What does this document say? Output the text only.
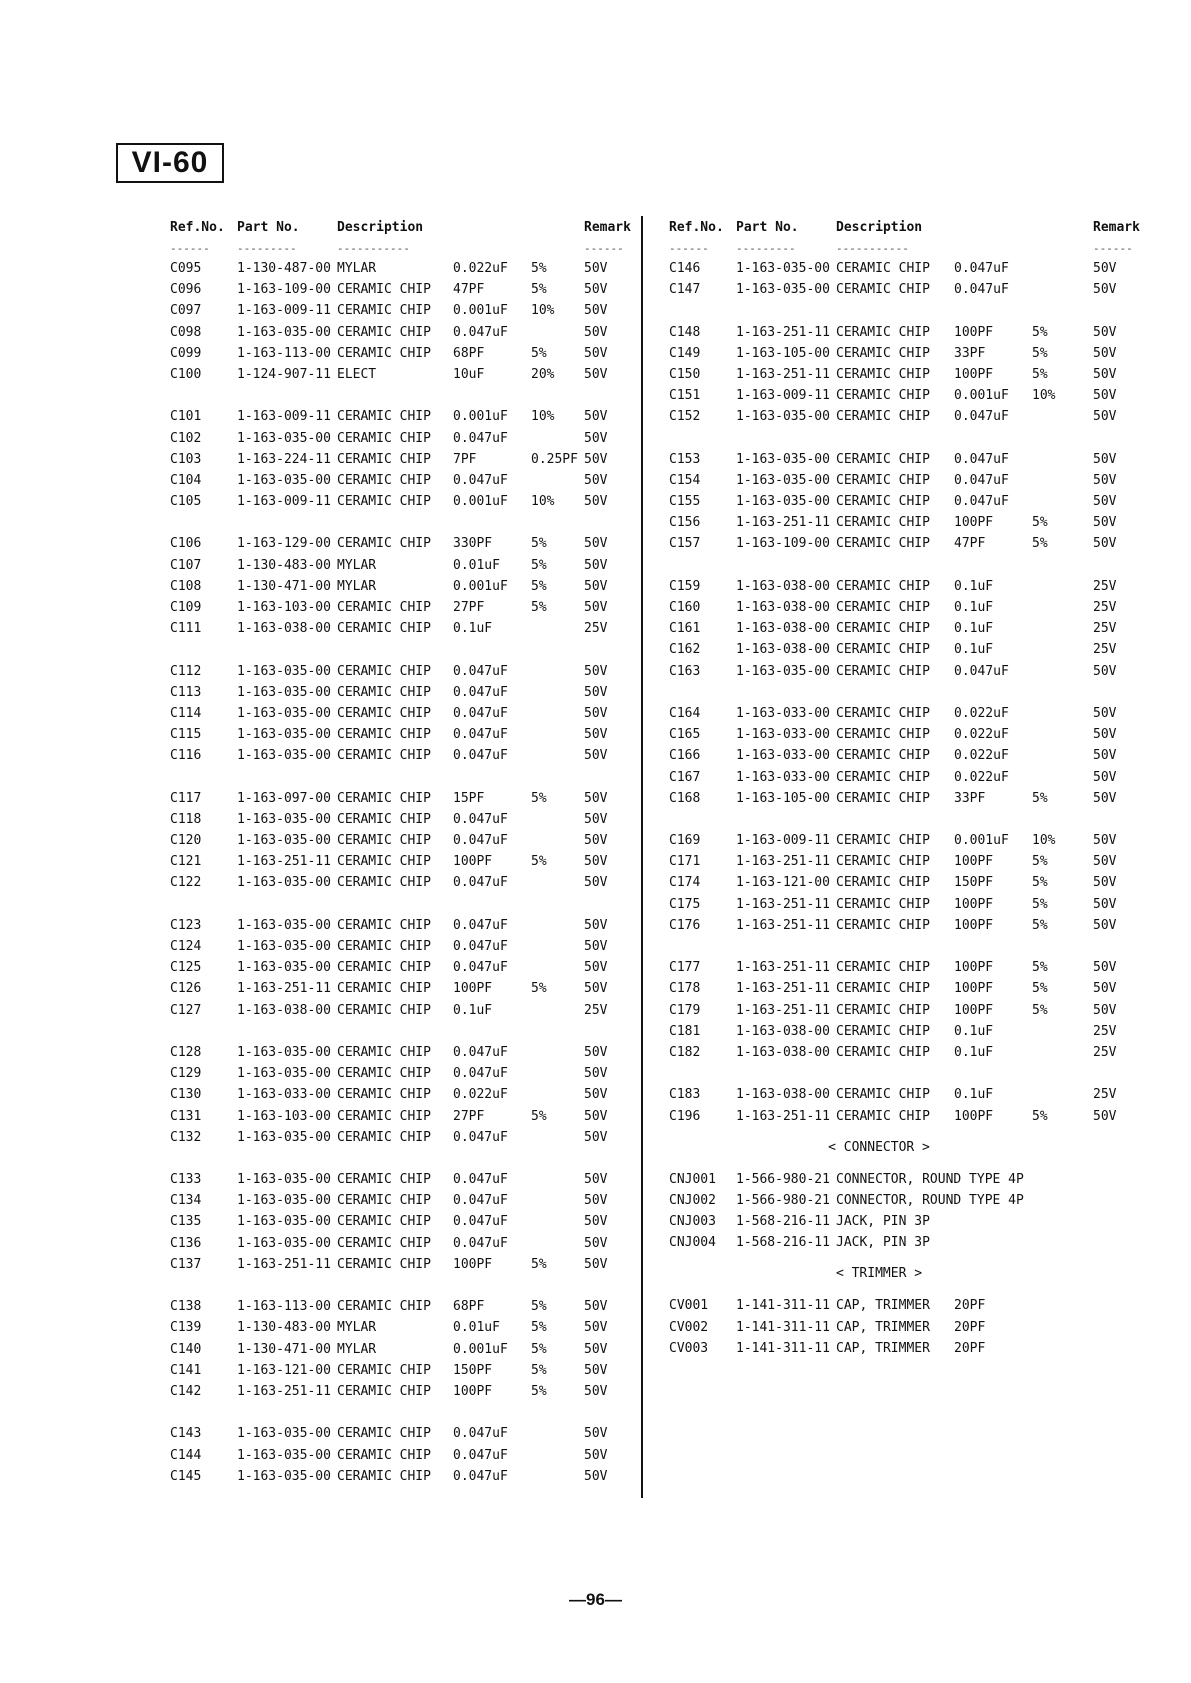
VI-60
Ref.No. Part No.	Description	Remark
------ ---------	-----------	------
C095	1-130-487-00 MYLAR	0.022uF 5%	50V
C096	1-163-109-00 CERAMIC CHIP 47PF	5%	50V
C097	1-163-009-11 CERAMIC CHIP 0.001uF 10% 50V
C098	1-163-035-00 CERAMIC CHIP 0.047uF	50V
C099	1-163-113-00 CERAMIC CHIP 68PF	5%	50V
C100	1-124-907-11 ELECT	10uF	20% 50V
C101	1-163-009-11 CERAMIC CHIP 0.001uF 10% 50V
C102	1-163-035-00 CERAMIC CHIP 0.047uF	50V
C103	1-163-224-11 CERAMIC CHIP 7PF	0.25PF 50V
C104	1-163-035-00 CERAMIC CHIP 0.047uF	50V
C105	1-163-009-11 CERAMIC CHIP 0.001uF 10% 50V
C106	1-163-129-00 CERAMIC CHIP 330PF	5%	50V
C107	1-130-483-00 MYLAR	0.01uF 5%	50V
C108	1-130-471-00 MYLAR	0.001uF 5%	50V
C109	1-163-103-00 CERAMIC CHIP 27PF	5%	50V
C111	1-163-038-00 CERAMIC CHIP 0.1uF	25V
C112	1-163-035-00 CERAMIC CHIP 0.047uF	50V
C113	1-163-035-00 CERAMIC CHIP 0.047uF	50V
C114	1-163-035-00 CERAMIC CHIP 0.047uF	50V
C115	1-163-035-00 CERAMIC CHIP 0.047uF	50V
C116	1-163-035-00 CERAMIC CHIP 0.047uF	50V
C117	1-163-097-00 CERAMIC CHIP 15PF	5%	50V
C118	1-163-035-00 CERAMIC CHIP 0.047uF	50V
C120	1-163-035-00 CERAMIC CHIP 0.047uF	50V
C121	1-163-251-11 CERAMIC CHIP 100PF	5%	50V
C122	1-163-035-00 CERAMIC CHIP 0.047uF	50V
C123	1-163-035-00 CERAMIC CHIP 0.047uF	50V
C124	1-163-035-00 CERAMIC CHIP 0.047uF	50V
C125	1-163-035-00 CERAMIC CHIP 0.047uF	50V
C126	1-163-251-11 CERAMIC CHIP 100PF	5%	50V
C127	1-163-038-00 CERAMIC CHIP 0.1uF	25V
C128	1-163-035-00 CERAMIC CHIP 0.047uF	50V
C129	1-163-035-00 CERAMIC CHIP 0.047uF	50V
C130	1-163-033-00 CERAMIC CHIP 0.022uF	50V
C131	1-163-103-00 CERAMIC CHIP 27PF	5%	50V
C132	1-163-035-00 CERAMIC CHIP 0.047uF	50V
C133	1-163-035-00 CERAMIC CHIP 0.047uF	50V
C134	1-163-035-00 CERAMIC CHIP 0.047uF	50V
C135	1-163-035-00 CERAMIC CHIP 0.047uF	50V
C136	1-163-035-00 CERAMIC CHIP 0.047uF	50V
C137	1-163-251-11 CERAMIC CHIP 100PF	5%	50V
C138	1-163-113-00 CERAMIC CHIP 68PF	5%	50V
C139	1-130-483-00 MYLAR	0.01uF 5%	50V
C140	1-130-471-00 MYLAR	0.001uF 5%	50V
C141	1-163-121-00 CERAMIC CHIP 150PF	5%	50V
C142	1-163-251-11 CERAMIC CHIP 100PF	5%	50V
C143	1-163-035-00 CERAMIC CHIP 0.047uF	50V
C144	1-163-035-00 CERAMIC CHIP 0.047uF	50V
C145	1-163-035-00 CERAMIC CHIP 0.047uF	50V
Ref.No. Part No.	Description	Remark
------ ---------	-----------	------
C146	1-163-035-00 CERAMIC CHIP 0.047uF	50V
C147	1-163-035-00 CERAMIC CHIP 0.047uF	50V
C148	1-163-251-11 CERAMIC CHIP 100PF	5%	50V
C149	1-163-105-00 CERAMIC CHIP 33PF	5%	50V
C150	1-163-251-11 CERAMIC CHIP 100PF	5%	50V
C151	1-163-009-11 CERAMIC CHIP 0.001uF 10%	50V
C152	1-163-035-00 CERAMIC CHIP 0.047uF	50V
C153	1-163-035-00 CERAMIC CHIP 0.047uF	50V
C154	1-163-035-00 CERAMIC CHIP 0.047uF	50V
C155	1-163-035-00 CERAMIC CHIP 0.047uF	50V
C156	1-163-251-11 CERAMIC CHIP 100PF	5%	50V
C157	1-163-109-00 CERAMIC CHIP 47PF	5%	50V
C159	1-163-038-00 CERAMIC CHIP 0.1uF	25V
C160	1-163-038-00 CERAMIC CHIP 0.1uF	25V
C161	1-163-038-00 CERAMIC CHIP 0.1uF	25V
C162	1-163-038-00 CERAMIC CHIP 0.1uF	25V
C163	1-163-035-00 CERAMIC CHIP 0.047uF	50V
C164	1-163-033-00 CERAMIC CHIP 0.022uF	50V
C165	1-163-033-00 CERAMIC CHIP 0.022uF	50V
C166	1-163-033-00 CERAMIC CHIP 0.022uF	50V
C167	1-163-033-00 CERAMIC CHIP 0.022uF	50V
C168	1-163-105-00 CERAMIC CHIP 33PF	5%	50V
C169	1-163-009-11 CERAMIC CHIP 0.001uF 10%	50V
C171	1-163-251-11 CERAMIC CHIP 100PF	5%	50V
C174	1-163-121-00 CERAMIC CHIP 150PF	5%	50V
C175	1-163-251-11 CERAMIC CHIP 100PF	5%	50V
C176	1-163-251-11 CERAMIC CHIP 100PF	5%	50V
C177	1-163-251-11 CERAMIC CHIP 100PF	5%	50V
C178	1-163-251-11 CERAMIC CHIP 100PF	5%	50V
C179	1-163-251-11 CERAMIC CHIP 100PF	5%	50V
C181	1-163-038-00 CERAMIC CHIP 0.1uF	25V
C182	1-163-038-00 CERAMIC CHIP 0.1uF	25V
C183	1-163-038-00 CERAMIC CHIP 0.1uF	25V
C196	1-163-251-11 CERAMIC CHIP 100PF	5%	50V
< CONNECTOR >
CNJ001 1-566-980-21 CONNECTOR, ROUND TYPE 4P
CNJ002 1-566-980-21 CONNECTOR, ROUND TYPE 4P
CNJ003 1-568-216-11 JACK, PIN 3P
CNJ004 1-568-216-11 JACK, PIN 3P
< TRIMMER >
CV001 1-141-311-11 CAP, TRIMMER 20PF
CV002 1-141-311-11 CAP, TRIMMER 20PF
CV003 1-141-311-11 CAP, TRIMMER 20PF
—96—
